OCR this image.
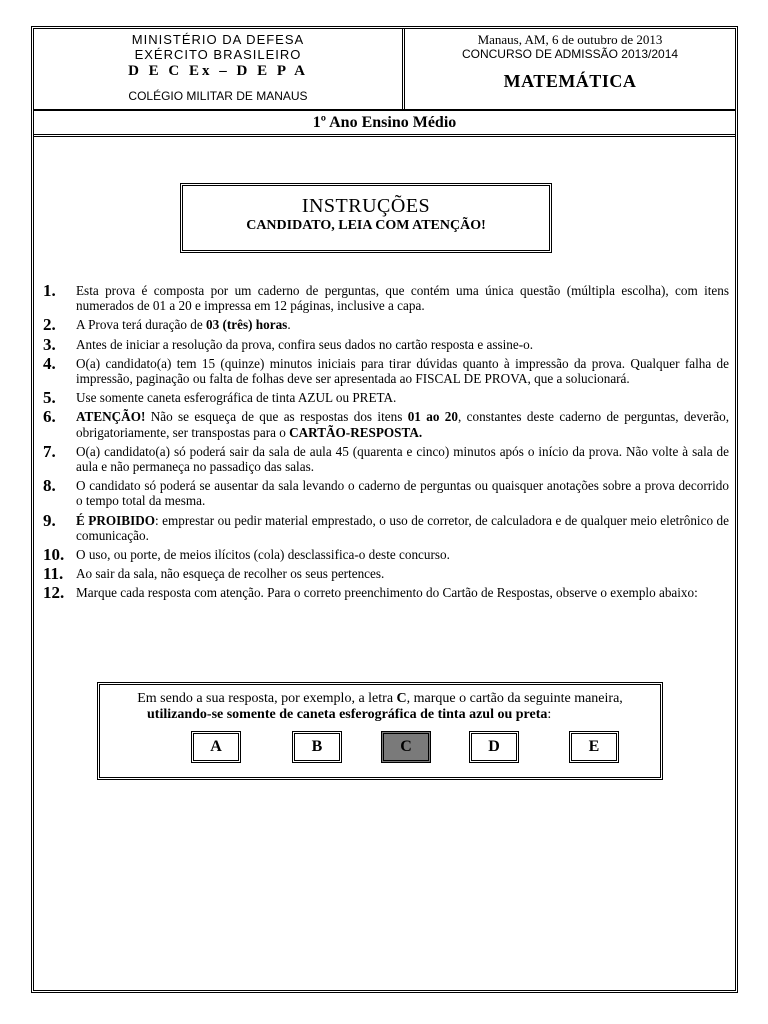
MINISTÉRIO DA DEFESA
EXÉRCITO BRASILEIRO
D E C Ex – D E P A
COLÉGIO MILITAR DE MANAUS
Manaus, AM, 6 de outubro de 2013
CONCURSO DE ADMISSÃO 2013/2014
MATEMÁTICA
1º Ano Ensino Médio
INSTRUÇÕES
CANDIDATO, LEIA COM ATENÇÃO!
1. Esta prova é composta por um caderno de perguntas, que contém uma única questão (múltipla escolha), com itens numerados de 01 a 20 e impressa em 12 páginas, inclusive a capa.
2. A Prova terá duração de 03 (três) horas.
3. Antes de iniciar a resolução da prova, confira seus dados no cartão resposta e assine-o.
4. O(a) candidato(a) tem 15 (quinze) minutos iniciais para tirar dúvidas quanto à impressão da prova. Qualquer falha de impressão, paginação ou falta de folhas deve ser apresentada ao FISCAL DE PROVA, que a solucionará.
5. Use somente caneta esferográfica de tinta AZUL ou PRETA.
6. ATENÇÃO! Não se esqueça de que as respostas dos itens 01 ao 20, constantes deste caderno de perguntas, deverão, obrigatoriamente, ser transpostas para o CARTÃO-RESPOSTA.
7. O(a) candidato(a) só poderá sair da sala de aula 45 (quarenta e cinco) minutos após o início da prova. Não volte à sala de aula e não permaneça no passadiço das salas.
8. O candidato só poderá se ausentar da sala levando o caderno de perguntas ou quaisquer anotações sobre a prova decorrido o tempo total da mesma.
9. É PROIBIDO: emprestar ou pedir material emprestado, o uso de corretor, de calculadora e de qualquer meio eletrônico de comunicação.
10. O uso, ou porte, de meios ilícitos (cola) desclassifica-o deste concurso.
11. Ao sair da sala, não esqueça de recolher os seus pertences.
12. Marque cada resposta com atenção. Para o correto preenchimento do Cartão de Respostas, observe o exemplo abaixo:
Em sendo a sua resposta, por exemplo, a letra C, marque o cartão da seguinte maneira,
utilizando-se somente de caneta esferográfica de tinta azul ou preta:
A	B	C	D	E
